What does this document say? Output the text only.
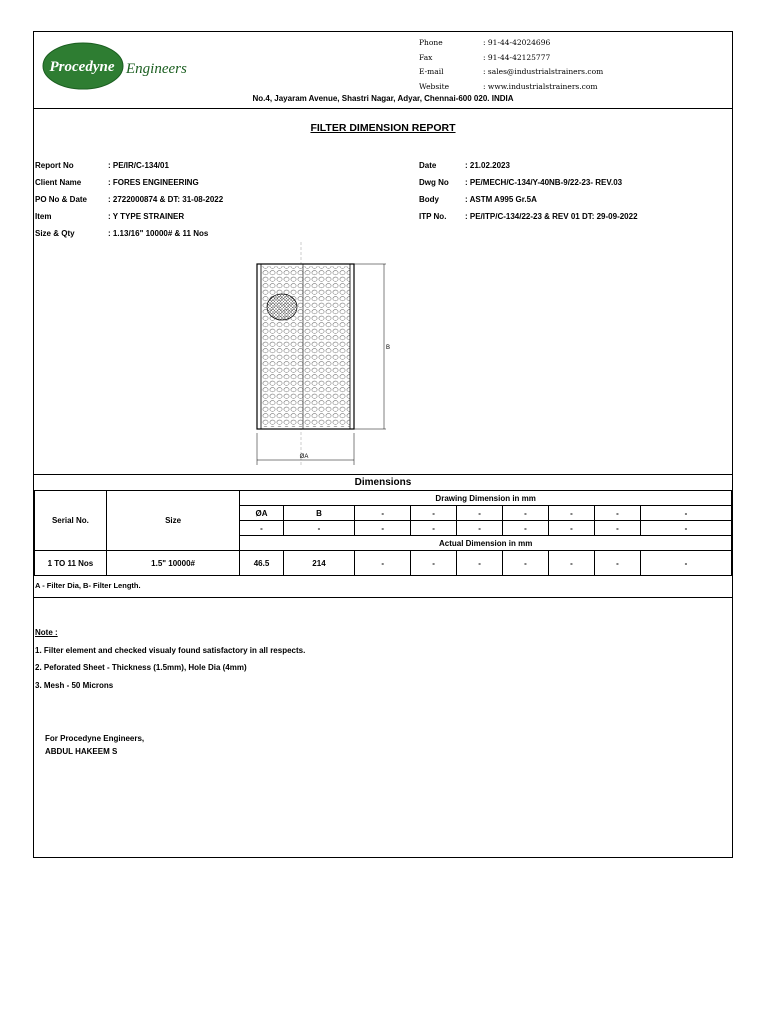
Procedyne Engineers
Phone	: 91-44-42024696
Fax	: 91-44-42125777
E-mail	: sales@industrialstrainers.com
Website	: www.industrialstrainers.com
No.4, Jayaram Avenue, Shastri Nagar, Adyar, Chennai-600 020. INDIA
FILTER DIMENSION REPORT
Report No	: PE/IR/C-134/01
Client Name	: FORES ENGINEERING
PO No & Date	: 2722000874 & DT: 31-08-2022
Item	: Y TYPE STRAINER
Size & Qty	: 1.13/16" 10000# & 11 Nos
Date	: 21.02.2023
Dwg No	: PE/MECH/C-134/Y-40NB-9/22-23- REV.03
Body	: ASTM A995 Gr.5A
ITP No.	: PE/ITP/C-134/22-23 & REV 01 DT: 29-09-2022
B
ØA
Dimensions
Serial No.	Size	Drawing Dimension in mm								
		ØA	B	-	-	-	-	-	-	-
		-	-	-	-	-	-	-	-	-
		Actual Dimension in mm								
1 TO 11 Nos	1.5" 10000#	46.5	214	-	-	-	-	-	-	-
A - Filter Dia, B- Filter Length.
Note :
1. Filter element and checked visualy found satisfactory in all respects.
2. Peforated Sheet - Thickness (1.5mm), Hole Dia (4mm)
3. Mesh - 50 Microns
For Procedyne Engineers,
ABDUL HAKEEM S
